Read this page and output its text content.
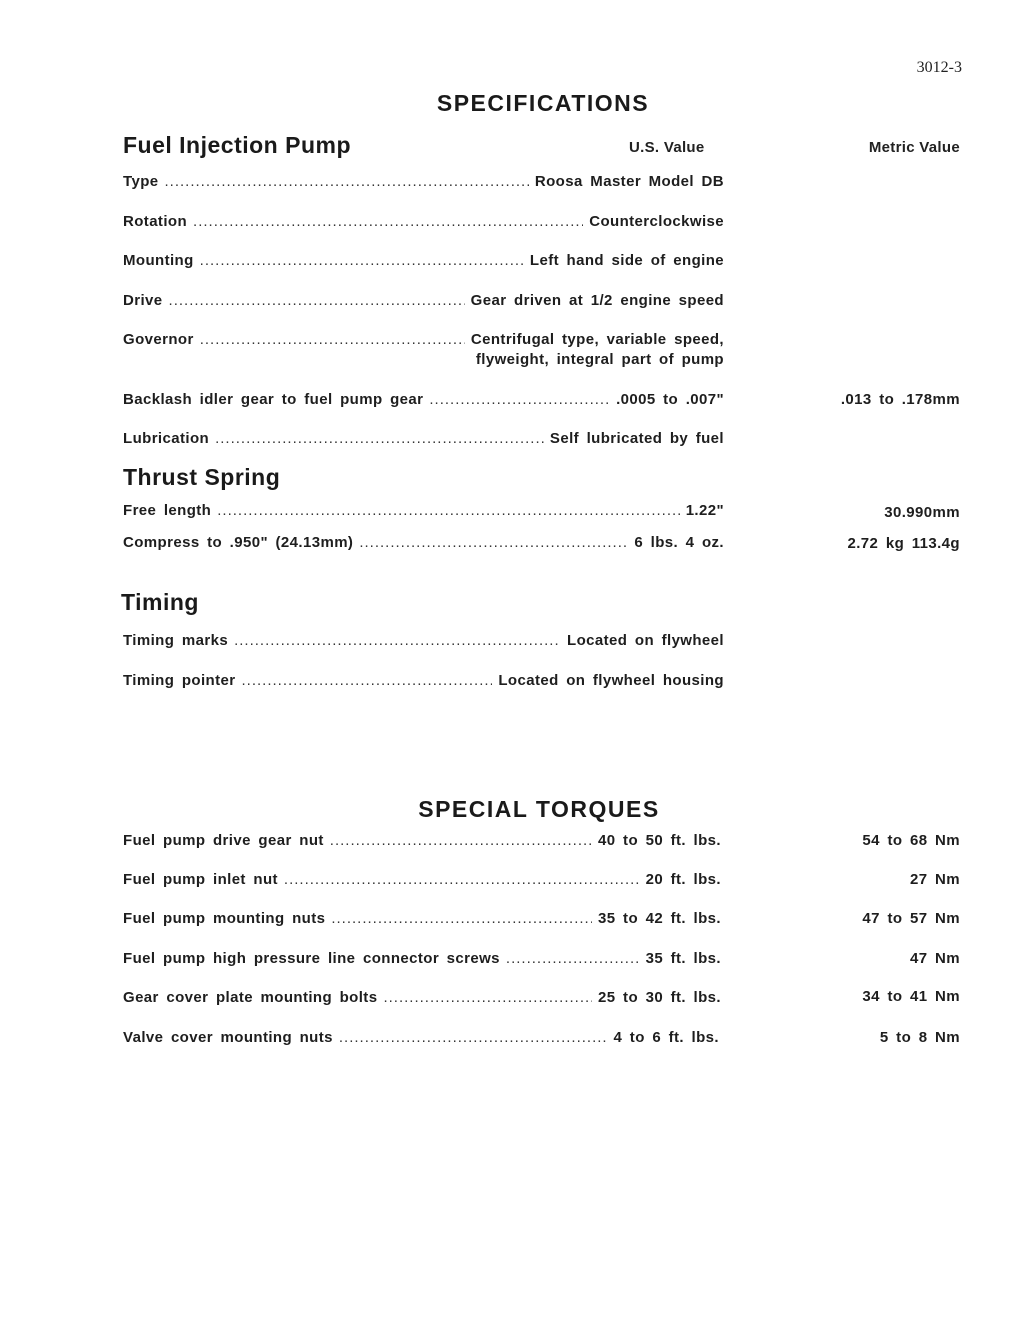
3012-3
SPECIFICATIONS
Fuel Injection Pump	U.S. Value	Metric Value
Type .....	Roosa Master Model DB
Rotation .....	Counterclockwise
Mounting .....	Left hand side of engine
Drive .....	Gear driven at 1/2 engine speed
Governor .....	Centrifugal type, variable speed,
flyweight, integral part of pump
Backlash idler gear to fuel pump gear .....	.0005 to .007"	.013 to .178mm
Lubrication .....	Self lubricated by fuel
Thrust Spring
Free length .....	1.22"	30.990mm
Compress to .950" (24.13mm) .....	6 lbs. 4 oz.	2.72 kg 113.4g
Timing
Timing marks .....	Located on flywheel
Timing pointer .....	Located on flywheel housing
SPECIAL TORQUES
Fuel pump drive gear nut .....	40 to 50 ft. lbs.	54 to 68 Nm
Fuel pump inlet nut .....	20 ft. lbs.	27 Nm
Fuel pump mounting nuts .....	35 to 42 ft. lbs.	47 to 57 Nm
Fuel pump high pressure line connector screws .....	35 ft. lbs.	47 Nm
Gear cover plate mounting bolts .....	25 to 30 ft. lbs.	34 to 41 Nm
Valve cover mounting nuts .....	4 to 6 ft. lbs.	5 to 8 Nm
